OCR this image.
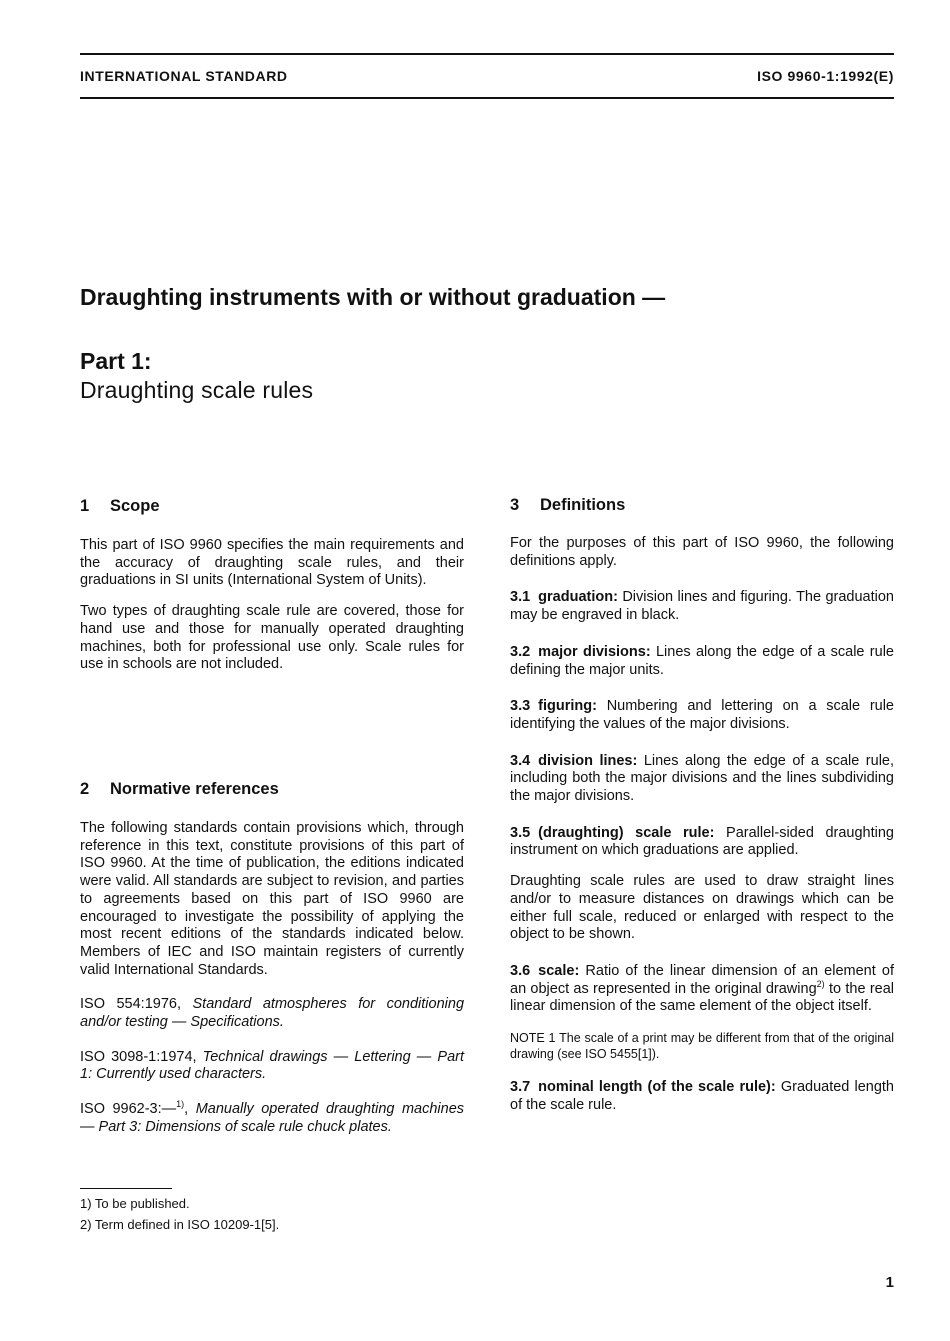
INTERNATIONAL STANDARD	ISO 9960-1:1992(E)
Draughting instruments with or without graduation —
Part 1:
Draughting scale rules
1 Scope

This part of ISO 9960 specifies the main requirements and the accuracy of draughting scale rules, and their graduations in SI units (International System of Units).

Two types of draughting scale rule are covered, those for hand use and those for manually operated draughting machines, both for professional use only. Scale rules for use in schools are not included.

2 Normative references

The following standards contain provisions which, through reference in this text, constitute provisions of this part of ISO 9960. At the time of publication, the editions indicated were valid. All standards are subject to revision, and parties to agreements based on this part of ISO 9960 are encouraged to investigate the possibility of applying the most recent editions of the standards indicated below. Members of IEC and ISO maintain registers of currently valid International Standards.

ISO 554:1976, Standard atmospheres for conditioning and/or testing — Specifications.

ISO 3098-1:1974, Technical drawings — Lettering — Part 1: Currently used characters.

ISO 9962-3:—$^{1)}$, Manually operated draughting machines — Part 3: Dimensions of scale rule chuck plates.

1) To be published.
2) Term defined in ISO 10209-1[5].
3 Definitions

For the purposes of this part of ISO 9960, the following definitions apply.

3.1 graduation: Division lines and figuring. The graduation may be engraved in black.

3.2 major divisions: Lines along the edge of a scale rule defining the major units.

3.3 figuring: Numbering and lettering on a scale rule identifying the values of the major divisions.

3.4 division lines: Lines along the edge of a scale rule, including both the major divisions and the lines subdividing the major divisions.

3.5 (draughting) scale rule: Parallel-sided draughting instrument on which graduations are applied.

Draughting scale rules are used to draw straight lines and/or to measure distances on drawings which can be either full scale, reduced or enlarged with respect to the object to be shown.

3.6 scale: Ratio of the linear dimension of an element of an object as represented in the original drawing$^{2)}$ to the real linear dimension of the same element of the object itself.

NOTE 1 The scale of a print may be different from that of the original drawing (see ISO 5455[1]).

3.7 nominal length (of the scale rule): Graduated length of the scale rule.

1
